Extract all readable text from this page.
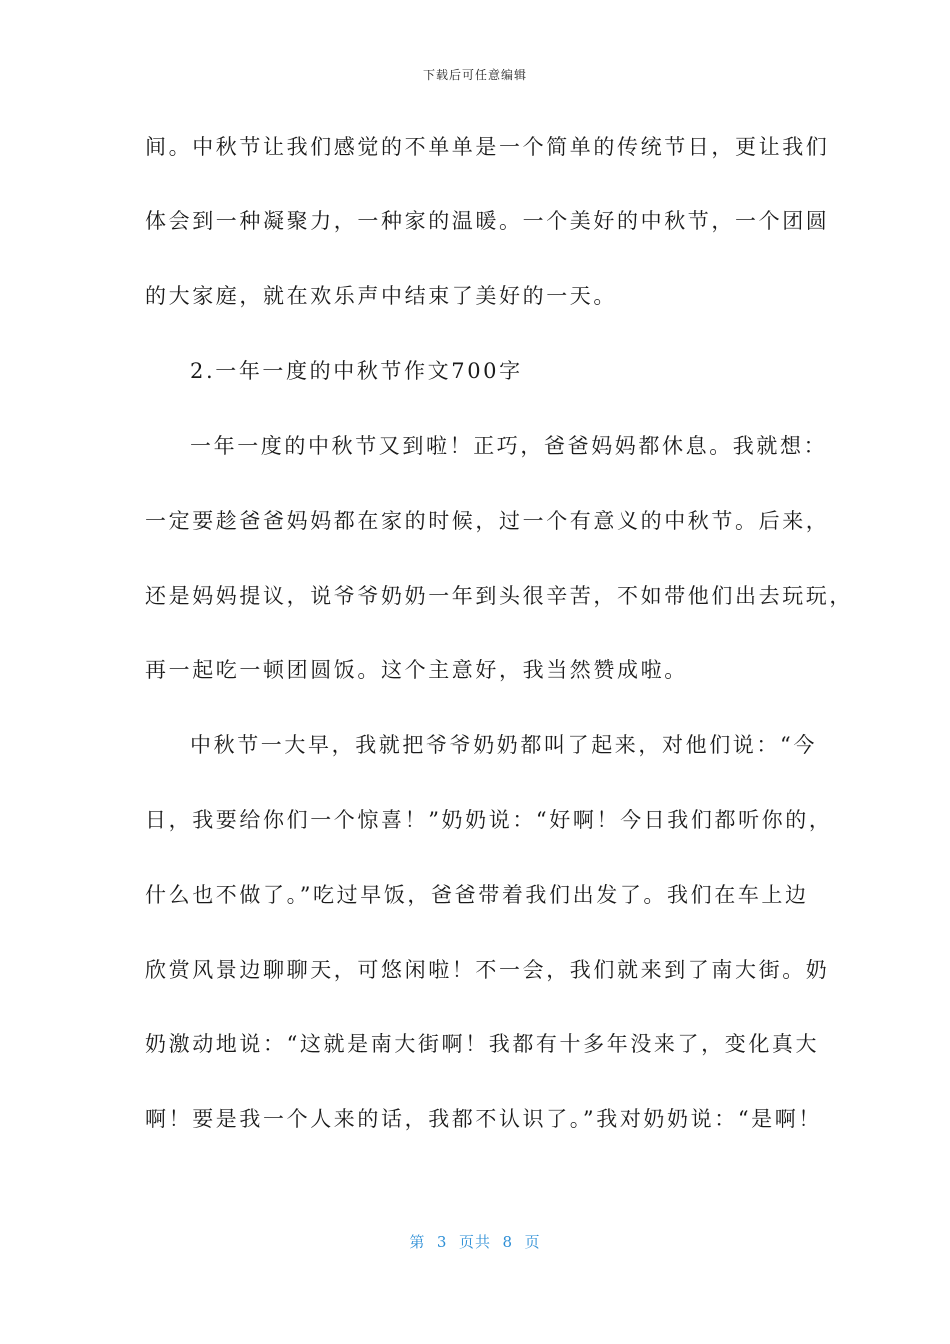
下载后可任意编辑
间。中秋节让我们感觉的不单单是一个简单的传统节日，更让我们
体会到一种凝聚力，一种家的温暖。一个美好的中秋节，一个团圆
的大家庭，就在欢乐声中结束了美好的一天。
2.一年一度的中秋节作文700字
一年一度的中秋节又到啦！正巧，爸爸妈妈都休息。我就想：
一定要趁爸爸妈妈都在家的时候，过一个有意义的中秋节。后来，
还是妈妈提议，说爷爷奶奶一年到头很辛苦，不如带他们出去玩玩，
再一起吃一顿团圆饭。这个主意好，我当然赞成啦。
中秋节一大早，我就把爷爷奶奶都叫了起来，对他们说：“今
日，我要给你们一个惊喜！”奶奶说：“好啊！今日我们都听你的，
什么也不做了。”吃过早饭，爸爸带着我们出发了。我们在车上边
欣赏风景边聊聊天，可悠闲啦！不一会，我们就来到了南大街。奶
奶激动地说：“这就是南大街啊！我都有十多年没来了，变化真大
啊！要是我一个人来的话，我都不认识了。”我对奶奶说：“是啊！
第  3  页共  8  页
